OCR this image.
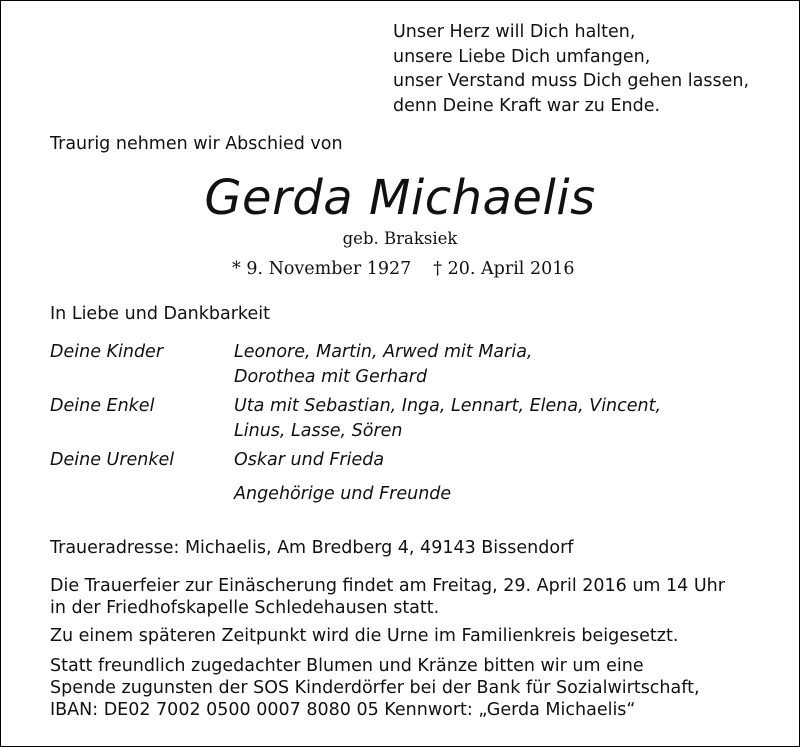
Unser Herz will Dich halten,
unsere Liebe Dich umfangen,
unser Verstand muss Dich gehen lassen,
denn Deine Kraft war zu Ende.
Traurig nehmen wir Abschied von
Gerda Michaelis
geb. Braksiek
* 9. November 1927 † 20. April 2016
In Liebe und Dankbarkeit
Deine Kinder	Leonore, Martin, Arwed mit Maria,
Dorothea mit Gerhard
Deine Enkel	Uta mit Sebastian, Inga, Lennart, Elena, Vincent,
Linus, Lasse, Sören
Deine Urenkel	Oskar und Frieda
Angehörige und Freunde
Traueradresse: Michaelis, Am Bredberg 4, 49143 Bissendorf
Die Trauerfeier zur Einäscherung findet am Freitag, 29. April 2016 um 14 Uhr
in der Friedhofskapelle Schledehausen statt.
Zu einem späteren Zeitpunkt wird die Urne im Familienkreis beigesetzt.
Statt freundlich zugedachter Blumen und Kränze bitten wir um eine
Spende zugunsten der SOS Kinderdörfer bei der Bank für Sozialwirtschaft,
IBAN: DE02 7002 0500 0007 8080 05 Kennwort: „Gerda Michaelis“
